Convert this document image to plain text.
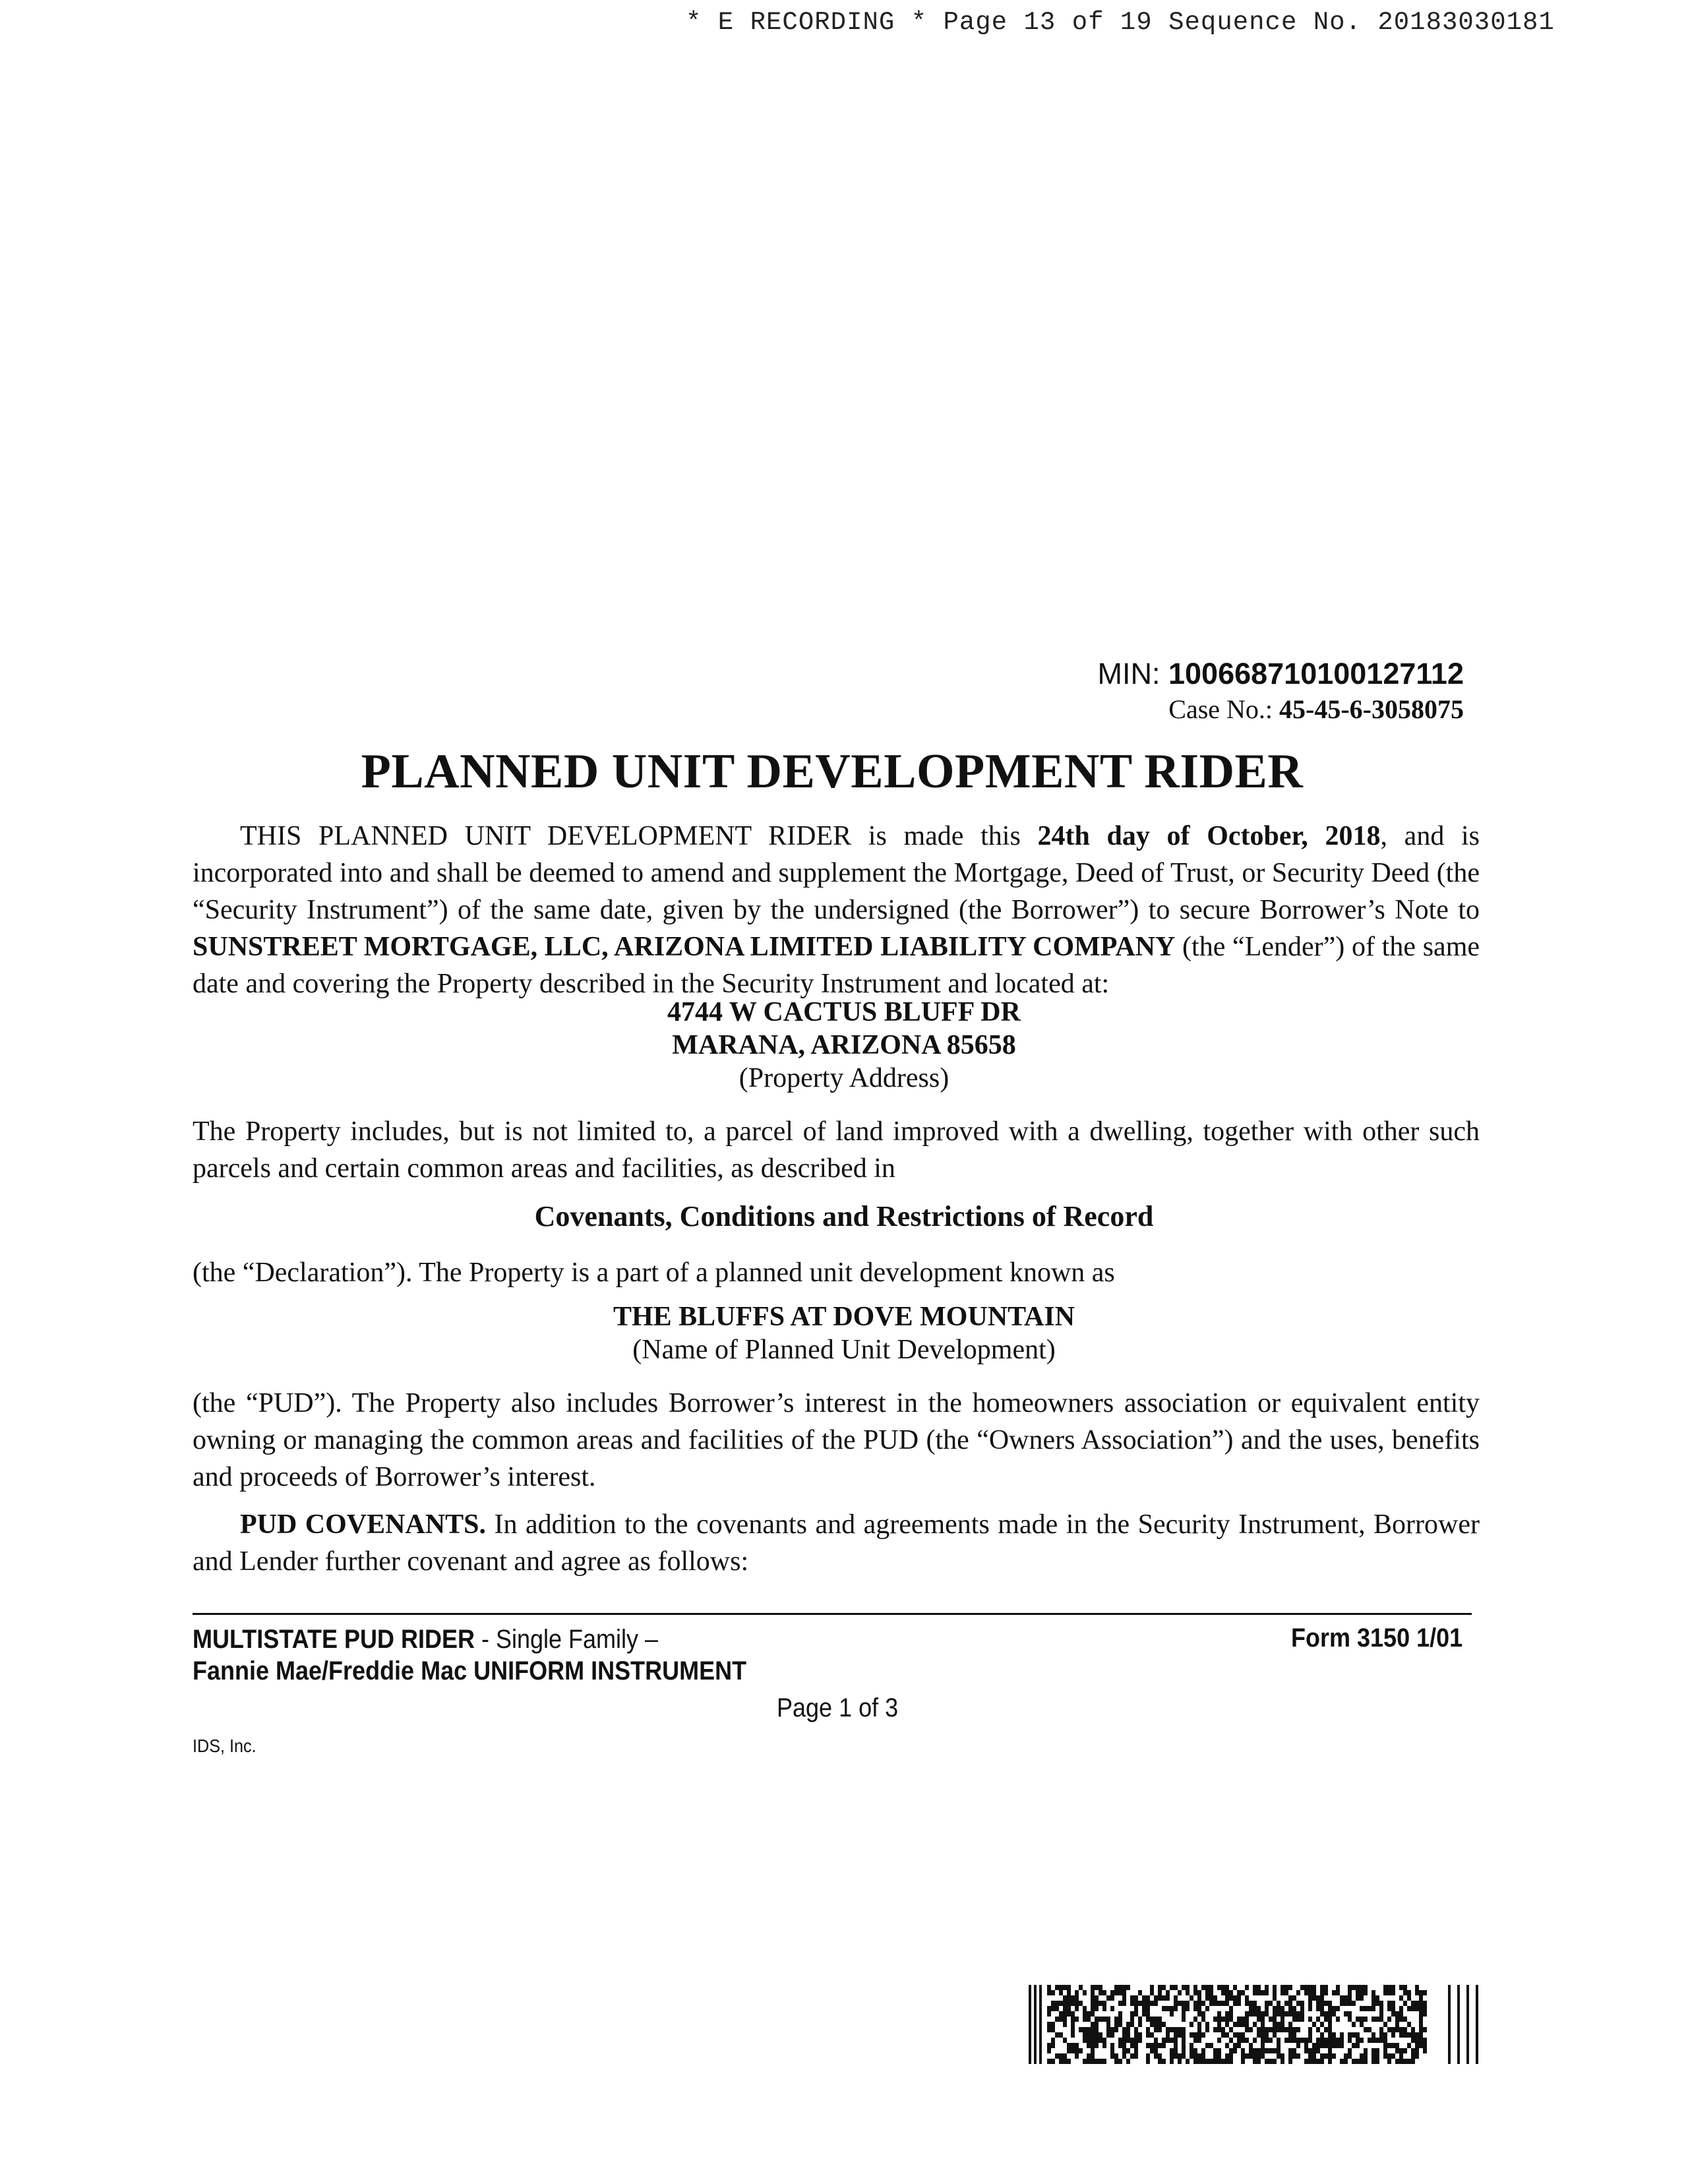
* E RECORDING * Page 13 of 19 Sequence No. 20183030181
MIN: 100668710100127112
Case No.: 45-45-6-3058075
PLANNED UNIT DEVELOPMENT RIDER

THIS PLANNED UNIT DEVELOPMENT RIDER is made this 24th day of October, 2018, and is incorporated into and shall be deemed to amend and supplement the Mortgage, Deed of Trust, or Security Deed (the “Security Instrument”) of the same date, given by the undersigned (the Borrower”) to secure Borrower’s Note to SUNSTREET MORTGAGE, LLC, ARIZONA LIMITED LIABILITY COMPANY (the “Lender”) of the same date and covering the Property described in the Security Instrument and located at:

4744 W CACTUS BLUFF DR
MARANA, ARIZONA 85658
(Property Address)

The Property includes, but is not limited to, a parcel of land improved with a dwelling, together with other such parcels and certain common areas and facilities, as described in

Covenants, Conditions and Restrictions of Record

(the “Declaration”). The Property is a part of a planned unit development known as

THE BLUFFS AT DOVE MOUNTAIN
(Name of Planned Unit Development)

(the “PUD”). The Property also includes Borrower’s interest in the homeowners association or equivalent entity owning or managing the common areas and facilities of the PUD (the “Owners Association”) and the uses, benefits and proceeds of Borrower’s interest.

PUD COVENANTS. In addition to the covenants and agreements made in the Security Instrument, Borrower and Lender further covenant and agree as follows:

MULTISTATE PUD RIDER - Single Family –
Fannie Mae/Freddie Mac UNIFORM INSTRUMENT
Form 3150 1/01
Page 1 of 3
IDS, Inc.
